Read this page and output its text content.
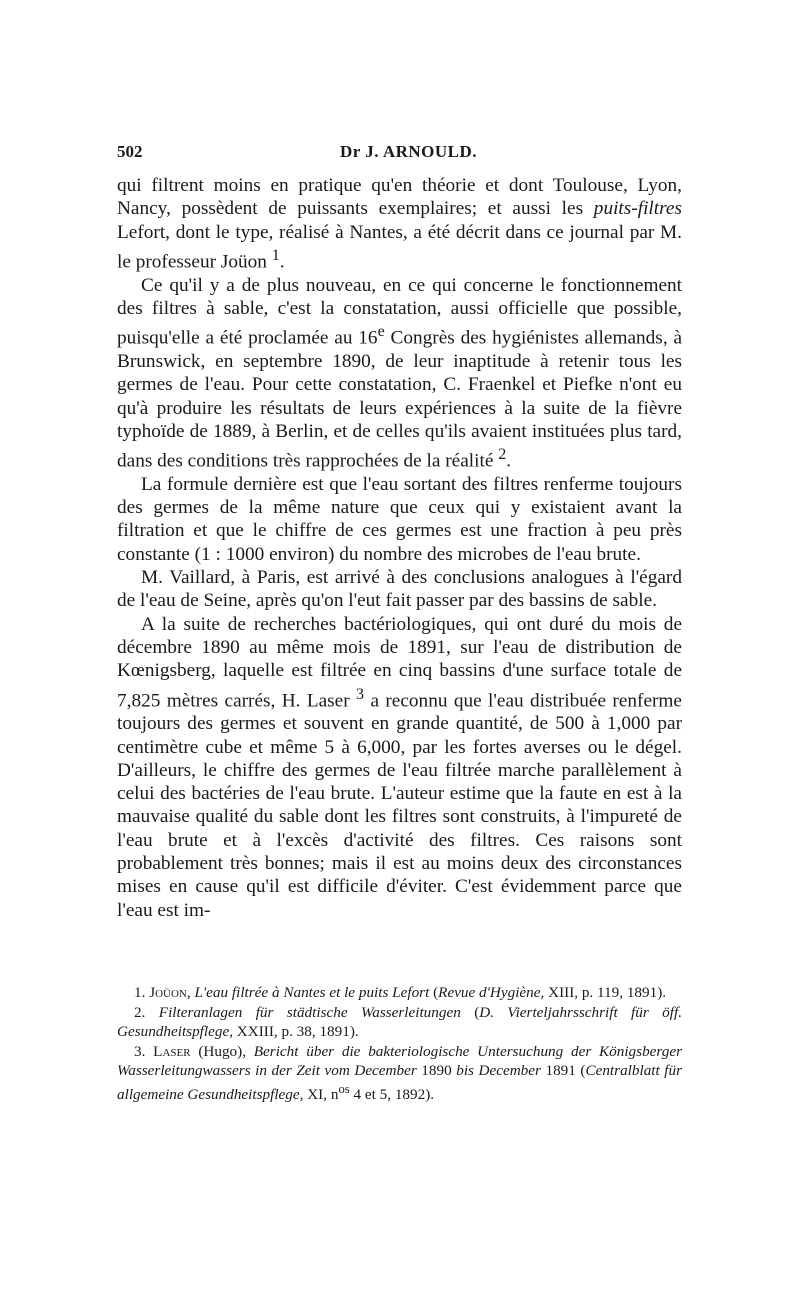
502	Dr J. ARNOULD.

qui filtrent moins en pratique qu'en théorie et dont Toulouse, Lyon, Nancy, possèdent de puissants exemplaires; et aussi les puits-filtres Lefort, dont le type, réalisé à Nantes, a été décrit dans ce journal par M. le professeur Joüon $^1$.

Ce qu'il y a de plus nouveau, en ce qui concerne le fonctionnement des filtres à sable, c'est la constatation, aussi officielle que possible, puisqu'elle a été proclamée au 16e Congrès des hygiénistes allemands, à Brunswick, en septembre 1890, de leur inaptitude à retenir tous les germes de l'eau. Pour cette constatation, C. Fraenkel et Piefke n'ont eu qu'à produire les résultats de leurs expériences à la suite de la fièvre typhoïde de 1889, à Berlin, et de celles qu'ils avaient instituées plus tard, dans des conditions très rapprochées de la réalité $^2$.

La formule dernière est que l'eau sortant des filtres renferme toujours des germes de la même nature que ceux qui y existaient avant la filtration et que le chiffre de ces germes est une fraction à peu près constante (1 : 1000 environ) du nombre des microbes de l'eau brute.

M. Vaillard, à Paris, est arrivé à des conclusions analogues à l'égard de l'eau de Seine, après qu'on l'eut fait passer par des bassins de sable.

A la suite de recherches bactériologiques, qui ont duré du mois de décembre 1890 au même mois de 1891, sur l'eau de distribution de Kœnigsberg, laquelle est filtrée en cinq bassins d'une surface totale de 7,825 mètres carrés, H. Laser $^3$ a reconnu que l'eau distribuée renferme toujours des germes et souvent en grande quantité, de 500 à 1,000 par centimètre cube et même 5 à 6,000, par les fortes averses ou le dégel. D'ailleurs, le chiffre des germes de l'eau filtrée marche parallèlement à celui des bactéries de l'eau brute. L'auteur estime que la faute en est à la mauvaise qualité du sable dont les filtres sont construits, à l'impureté de l'eau brute et à l'excès d'activité des filtres. Ces raisons sont probablement très bonnes; mais il est au moins deux des circonstances mises en cause qu'il est difficile d'éviter. C'est évidemment parce que l'eau est im-

1. Joüon, L'eau filtrée à Nantes et le puits Lefort (Revue d'Hygiène, XIII, p. 119, 1891).

2. Filteranlagen für städtische Wasserleitungen (D. Vierteljahrsschrift für öff. Gesundheitspflege, XXIII, p. 38, 1891).

3. Laser (Hugo), Bericht über die bakteriologische Untersuchung der Königsberger Wasserleitungwassers in der Zeit vom December 1890 bis December 1891 (Centralblatt für allgemeine Gesundheitspflege, XI, $n^{os}$ 4 et 5, 1892).
